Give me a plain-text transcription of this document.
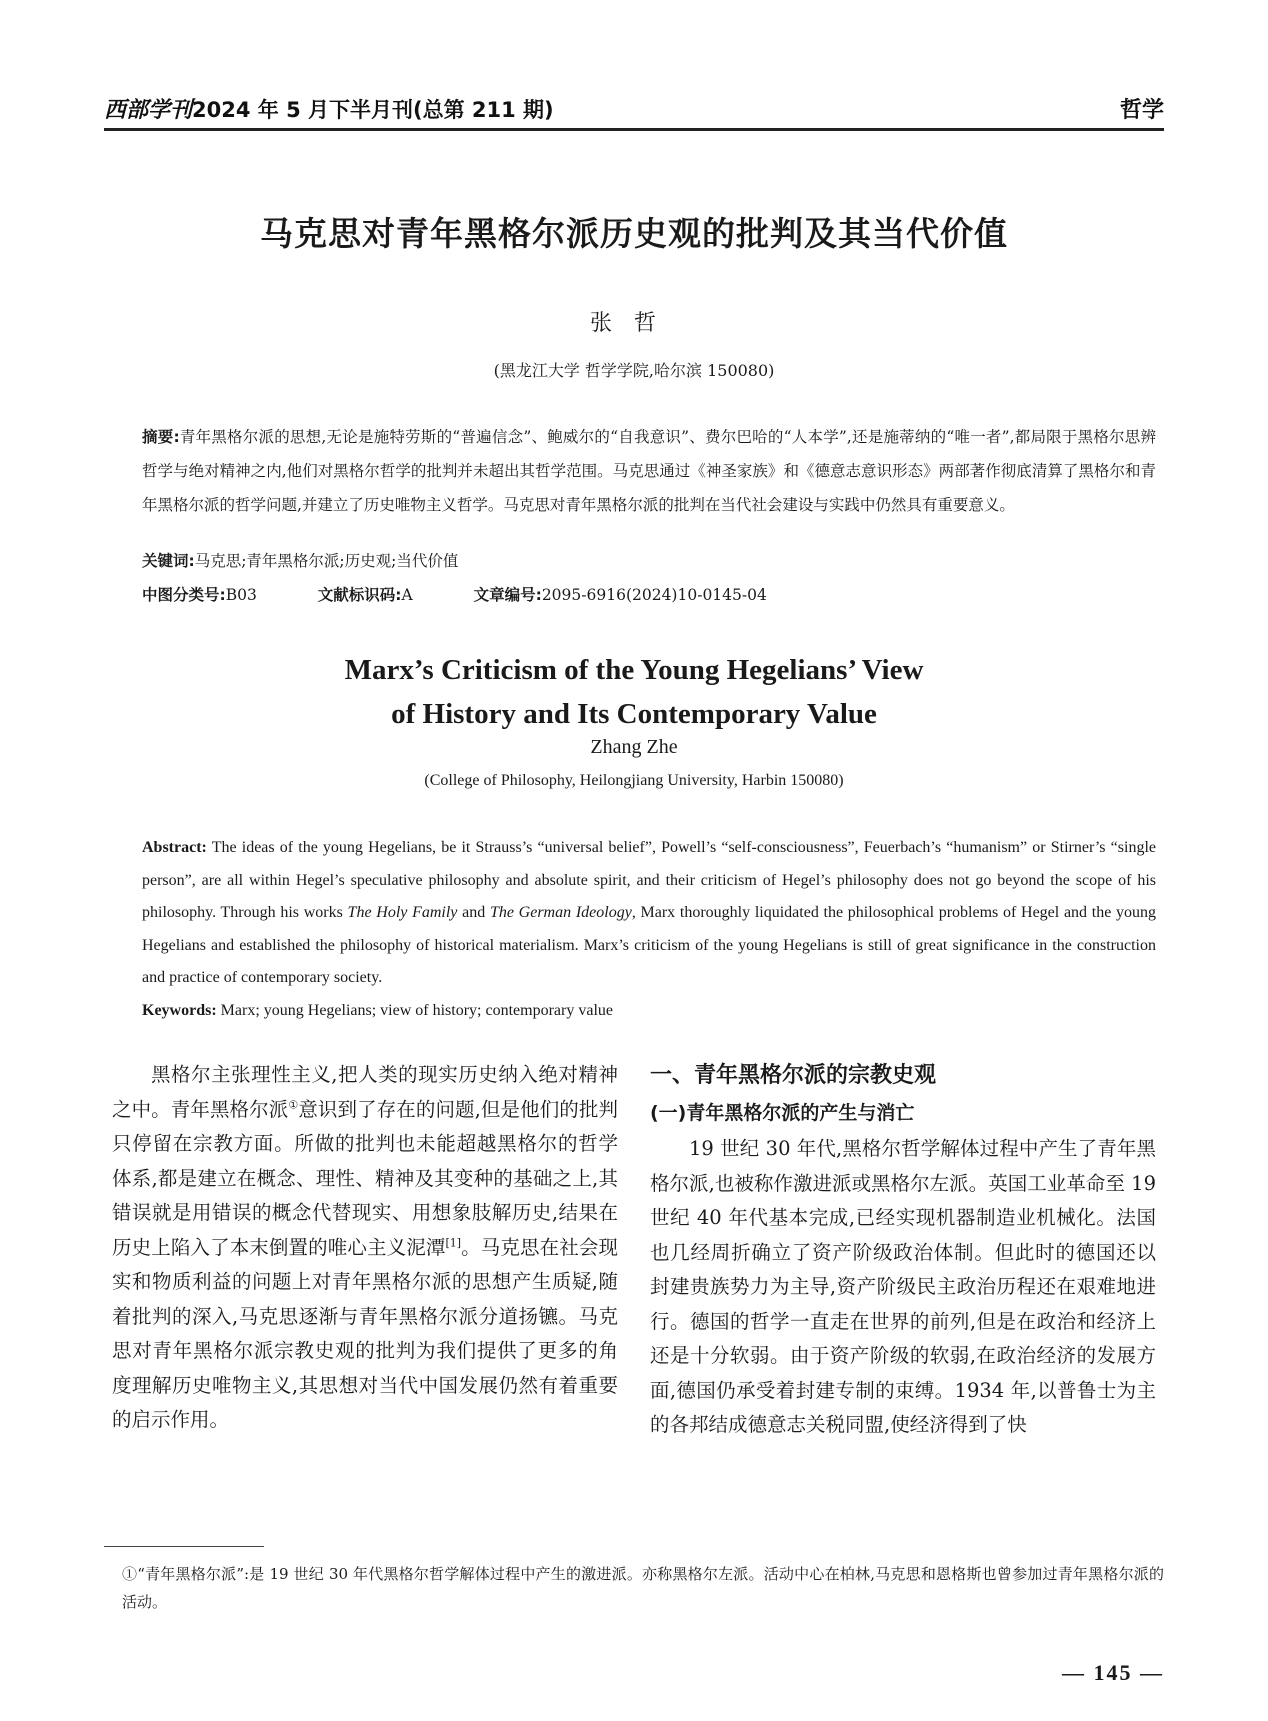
西部学刊2024 年 5 月下半月刊(总第 211 期)	哲学
马克思对青年黑格尔派历史观的批判及其当代价值
张哲
(黑龙江大学 哲学学院,哈尔滨 150080)
摘要:青年黑格尔派的思想,无论是施特劳斯的“普遍信念”、鲍威尔的“自我意识”、费尔巴哈的“人本学”,还是施蒂纳的“唯一者”,都局限于黑格尔思辨哲学与绝对精神之内,他们对黑格尔哲学的批判并未超出其哲学范围。马克思通过《神圣家族》和《德意志意识形态》两部著作彻底清算了黑格尔和青年黑格尔派的哲学问题,并建立了历史唯物主义哲学。马克思对青年黑格尔派的批判在当代社会建设与实践中仍然具有重要意义。
关键词:马克思;青年黑格尔派;历史观;当代价值
中图分类号:B03	文献标识码:A	文章编号:2095-6916(2024)10-0145-04
Marx’s Criticism of the Young Hegelians’ View
of History and Its Contemporary Value
Zhang Zhe
(College of Philosophy, Heilongjiang University, Harbin 150080)
Abstract: The ideas of the young Hegelians, be it Strauss’s “universal belief”, Powell’s “self-consciousness”, Feuerbach’s “humanism” or Stirner’s “single person”, are all within Hegel’s speculative philosophy and absolute spirit, and their criticism of Hegel’s philosophy does not go beyond the scope of his philosophy. Through his works The Holy Family and The German Ideology, Marx thoroughly liquidated the philosophical problems of Hegel and the young Hegelians and established the philosophy of historical materialism. Marx’s criticism of the young Hegelians is still of great significance in the construction and practice of contemporary society.
Keywords: Marx; young Hegelians; view of history; contemporary value

黑格尔主张理性主义,把人类的现实历史纳入绝对精神之中。青年黑格尔派①意识到了存在的问题,但是他们的批判只停留在宗教方面。所做的批判也未能超越黑格尔的哲学体系,都是建立在概念、理性、精神及其变种的基础之上,其错误就是用错误的概念代替现实、用想象肢解历史,结果在历史上陷入了本末倒置的唯心主义泥潭[1]。马克思在社会现实和物质利益的问题上对青年黑格尔派的思想产生质疑,随着批判的深入,马克思逐渐与青年黑格尔派分道扬镳。马克思对青年黑格尔派宗教史观的批判为我们提供了更多的角度理解历史唯物主义,其思想对当代中国发展仍然有着重要的启示作用。

一、青年黑格尔派的宗教史观
(一)青年黑格尔派的产生与消亡

19 世纪 30 年代,黑格尔哲学解体过程中产生了青年黑格尔派,也被称作激进派或黑格尔左派。英国工业革命至 19 世纪 40 年代基本完成,已经实现机器制造业机械化。法国也几经周折确立了资产阶级政治体制。但此时的德国还以封建贵族势力为主导,资产阶级民主政治历程还在艰难地进行。德国的哲学一直走在世界的前列,但是在政治和经济上还是十分软弱。由于资产阶级的软弱,在政治经济的发展方面,德国仍承受着封建专制的束缚。1934 年,以普鲁士为主的各邦结成德意志关税同盟,使经济得到了快

①“青年黑格尔派”:是 19 世纪 30 年代黑格尔哲学解体过程中产生的激进派。亦称黑格尔左派。活动中心在柏林,马克思和恩格斯也曾参加过青年黑格尔派的活动。
— 145 —
